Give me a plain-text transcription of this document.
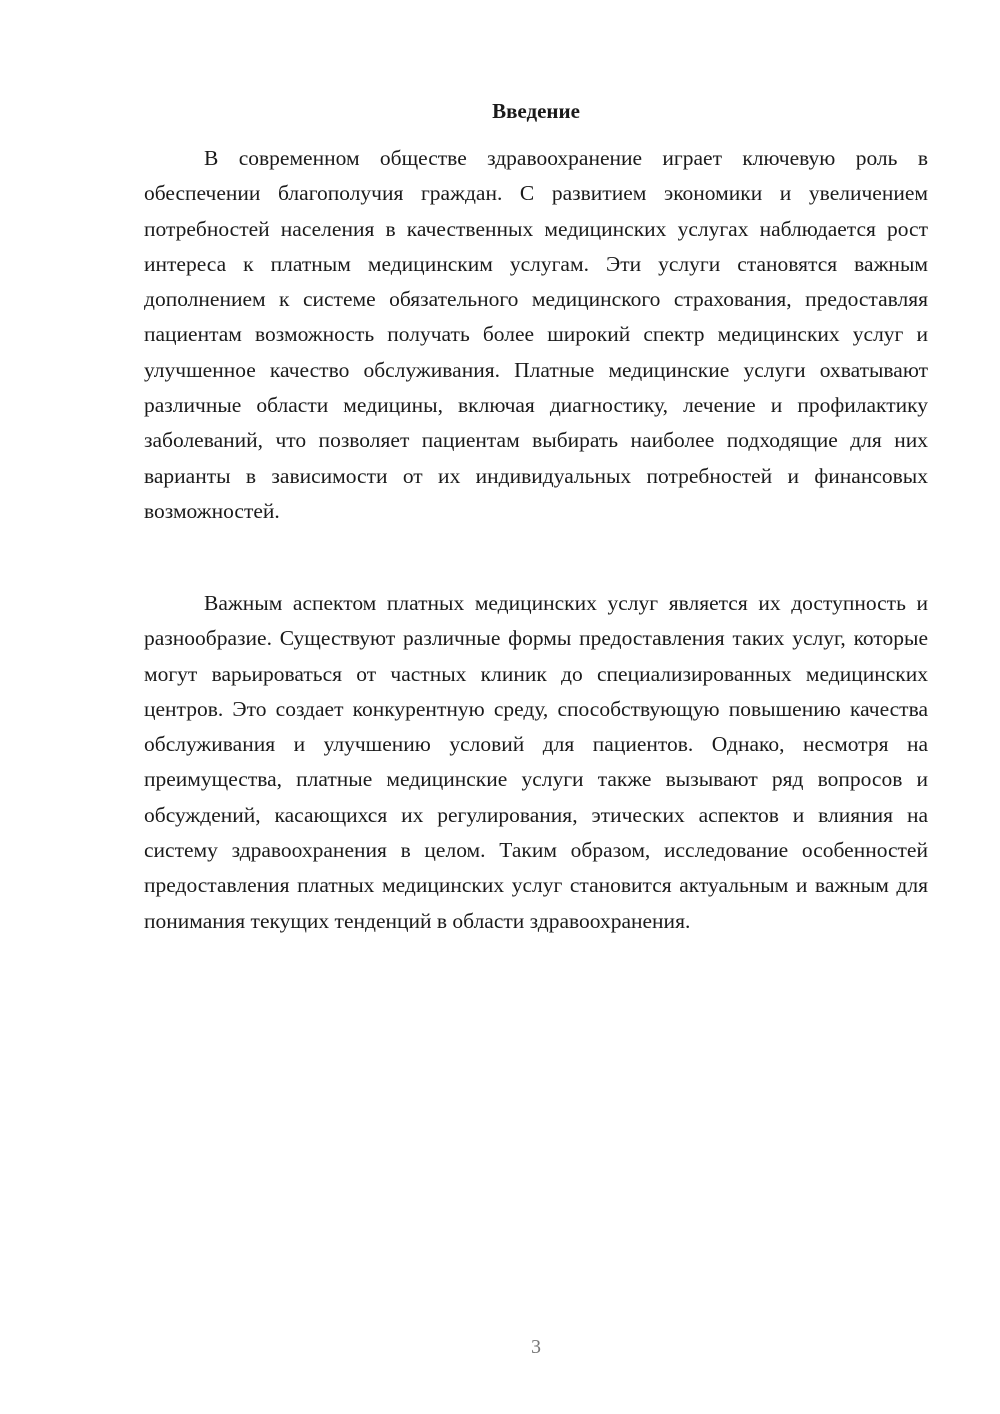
Введение

В современном обществе здравоохранение играет ключевую роль в обеспечении благополучия граждан. С развитием экономики и увеличением потребностей населения в качественных медицинских услугах наблюдается рост интереса к платным медицинским услугам. Эти услуги становятся важным дополнением к системе обязательного медицинского страхования, предоставляя пациентам возможность получать более широкий спектр медицинских услуг и улучшенное качество обслуживания. Платные медицинские услуги охватывают различные области медицины, включая диагностику, лечение и профилактику заболеваний, что позволяет пациентам выбирать наиболее подходящие для них варианты в зависимости от их индивидуальных потребностей и финансовых возможностей.

Важным аспектом платных медицинских услуг является их доступность и разнообразие. Существуют различные формы предоставления таких услуг, которые могут варьироваться от частных клиник до специализированных медицинских центров. Это создает конкурентную среду, способствующую повышению качества обслуживания и улучшению условий для пациентов. Однако, несмотря на преимущества, платные медицинские услуги также вызывают ряд вопросов и обсуждений, касающихся их регулирования, этических аспектов и влияния на систему здравоохранения в целом. Таким образом, исследование особенностей предоставления платных медицинских услуг становится актуальным и важным для понимания текущих тенденций в области здравоохранения.

3
